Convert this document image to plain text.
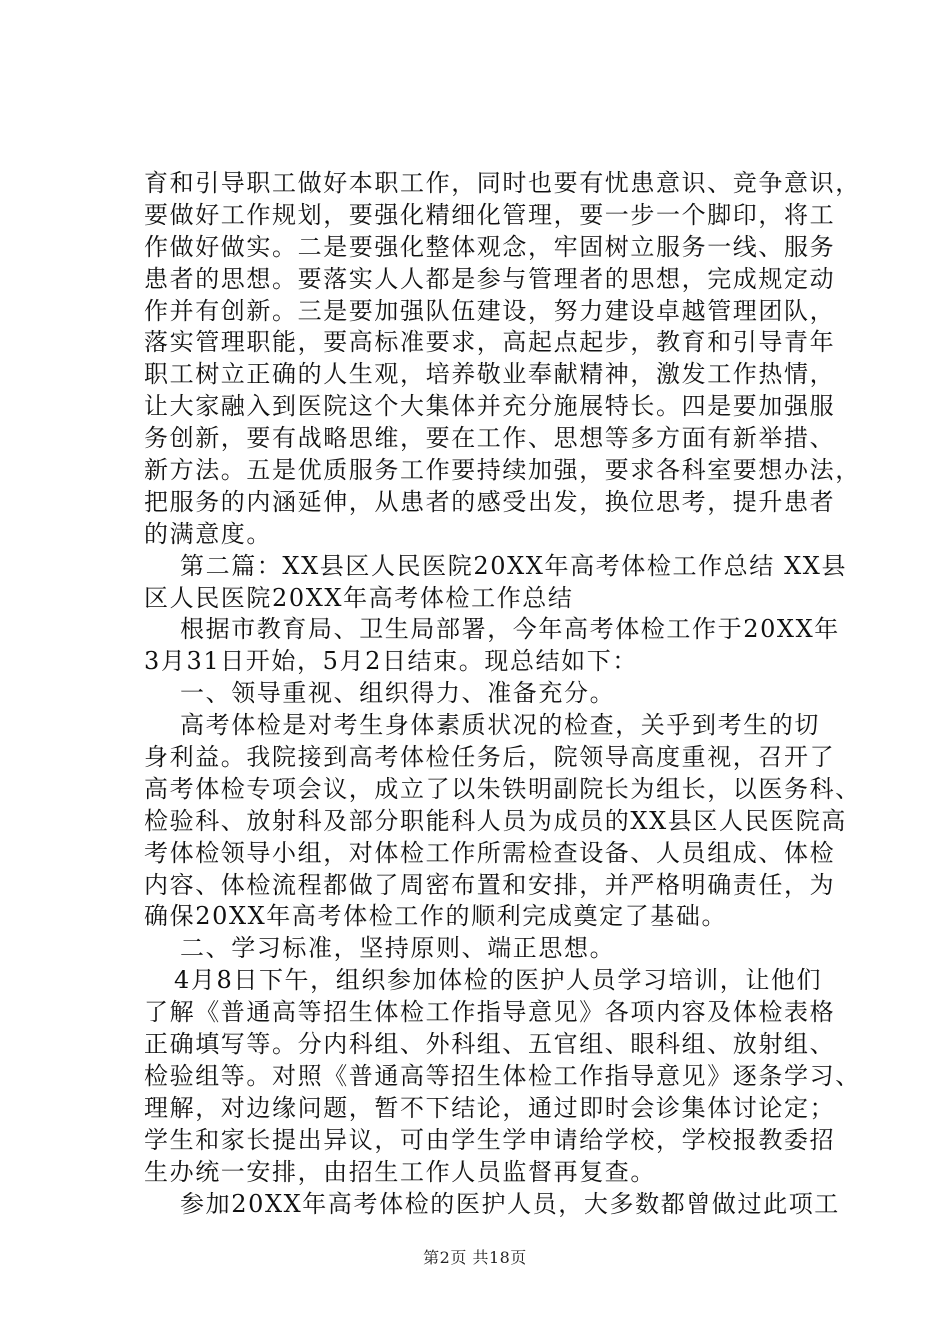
育和引导职工做好本职工作，同时也要有忧患意识、竞争意识，
要做好工作规划，要强化精细化管理，要一步一个脚印，将工
作做好做实。二是要强化整体观念，牢固树立服务一线、服务
患者的思想。要落实人人都是参与管理者的思想，完成规定动
作并有创新。三是要加强队伍建设，努力建设卓越管理团队，
落实管理职能，要高标准要求，高起点起步，教育和引导青年
职工树立正确的人生观，培养敬业奉献精神，激发工作热情，
让大家融入到医院这个大集体并充分施展特长。四是要加强服
务创新，要有战略思维，要在工作、思想等多方面有新举措、
新方法。五是优质服务工作要持续加强，要求各科室要想办法，
把服务的内涵延伸，从患者的感受出发，换位思考，提升患者
的满意度。
第二篇：XX县区人民医院20XX年高考体检工作总结 XX县
区人民医院20XX年高考体检工作总结
根据市教育局、卫生局部署，今年高考体检工作于20XX年
3月31日开始，5月2日结束。现总结如下：
一、领导重视、组织得力、准备充分。
高考体检是对考生身体素质状况的检查，关乎到考生的切
身利益。我院接到高考体检任务后，院领导高度重视，召开了
高考体检专项会议，成立了以朱铁明副院长为组长，以医务科、
检验科、放射科及部分职能科人员为成员的XX县区人民医院高
考体检领导小组，对体检工作所需检查设备、人员组成、体检
内容、体检流程都做了周密布置和安排，并严格明确责任，为
确保20XX年高考体检工作的顺利完成奠定了基础。
二、学习标准，坚持原则、端正思想。
4月8日下午，组织参加体检的医护人员学习培训，让他们
了解《普通高等招生体检工作指导意见》各项内容及体检表格
正确填写等。分内科组、外科组、五官组、眼科组、放射组、
检验组等。对照《普通高等招生体检工作指导意见》逐条学习、
理解，对边缘问题，暂不下结论，通过即时会诊集体讨论定；
学生和家长提出异议，可由学生学申请给学校，学校报教委招
生办统一安排，由招生工作人员监督再复查。
参加20XX年高考体检的医护人员，大多数都曾做过此项工
第2页 共18页
